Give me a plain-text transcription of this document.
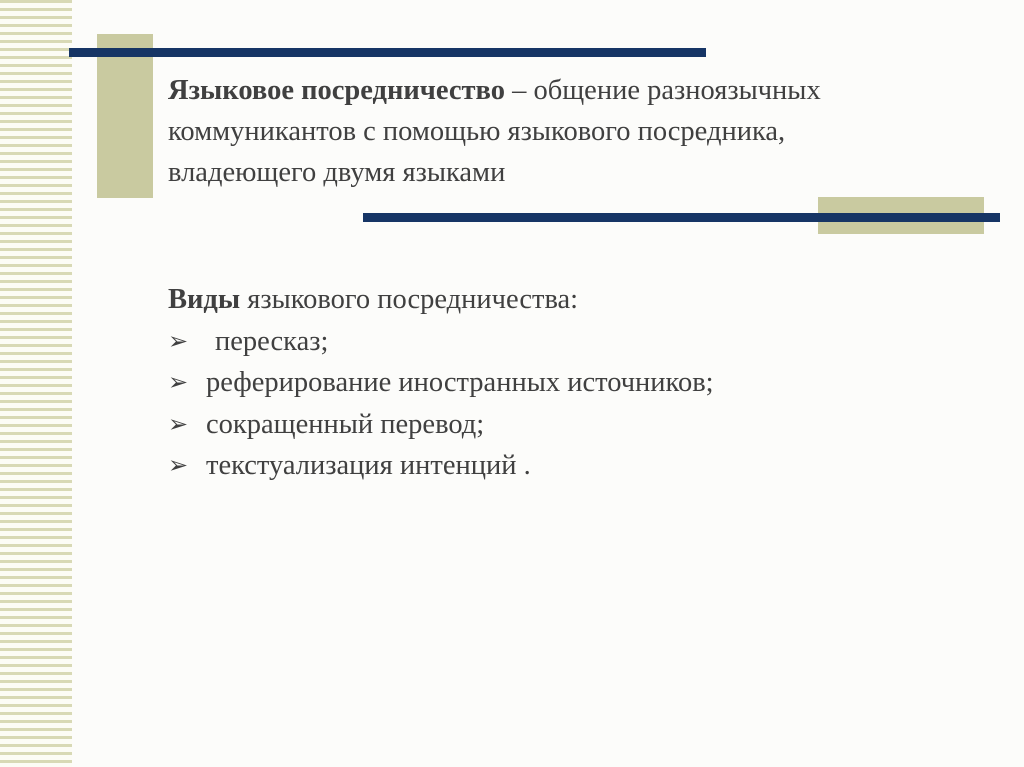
Языковое посредничество – общение разноязычных
коммуникантов с помощью языкового посредника,
владеющего двумя языками
Виды языкового посредничества:
➢ пересказ;
➢ реферирование иностранных источников;
➢ сокращенный перевод;
➢ текстуализация интенций .
